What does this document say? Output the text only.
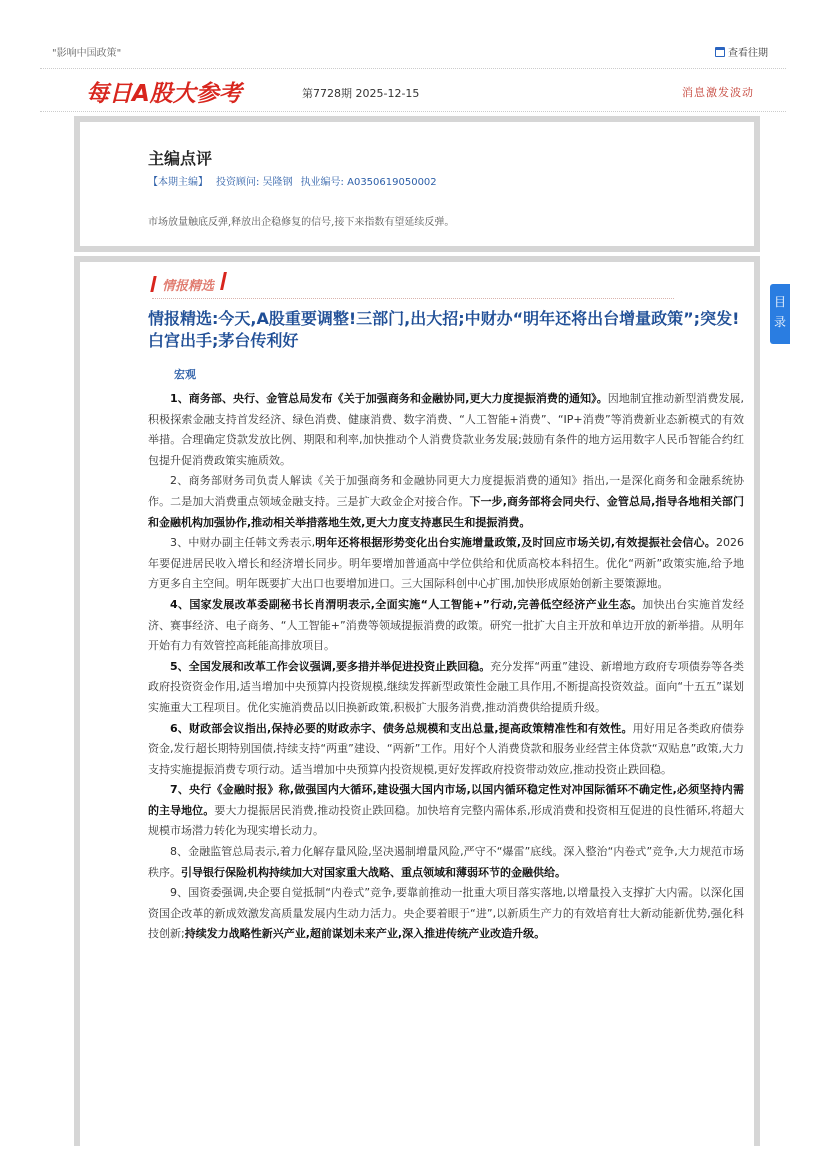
"影响中国政策"	查看往期
每日A股大参考	第7728期 2025-12-15	消息激发波动
主编点评
【本期主编】 投资顾问: 吴隆钢 执业编号: A0350619050002
市场放量触底反弹,释放出企稳修复的信号,接下来指数有望延续反弹。
情报精选
情报精选:今天,A股重要调整!三部门,出大招;中财办“明年还将出台增量政策”;突发!白宫出手;茅台传利好
宏观

1、商务部、央行、金管总局发布《关于加强商务和金融协同,更大力度提振消费的通知》。因地制宜推动新型消费发展,积极探索金融支持首发经济、绿色消费、健康消费、数字消费、“人工智能+消费”、“IP+消费”等消费新业态新模式的有效举措。合理确定贷款发放比例、期限和利率,加快推动个人消费贷款业务发展;鼓励有条件的地方运用数字人民币智能合约红包提升促消费政策实施质效。

2、商务部财务司负责人解读《关于加强商务和金融协同更大力度提振消费的通知》指出,一是深化商务和金融系统协作。二是加大消费重点领域金融支持。三是扩大政金企对接合作。下一步,商务部将会同央行、金管总局,指导各地相关部门和金融机构加强协作,推动相关举措落地生效,更大力度支持惠民生和提振消费。

3、中财办副主任韩文秀表示,明年还将根据形势变化出台实施增量政策,及时回应市场关切,有效提振社会信心。2026年要促进居民收入增长和经济增长同步。明年要增加普通高中学位供给和优质高校本科招生。优化“两新”政策实施,给予地方更多自主空间。明年既要扩大出口也要增加进口。三大国际科创中心扩围,加快形成原始创新主要策源地。

4、国家发展改革委副秘书长肖渭明表示,全面实施“人工智能+”行动,完善低空经济产业生态。加快出台实施首发经济、赛事经济、电子商务、“人工智能+”消费等领域提振消费的政策。研究一批扩大自主开放和单边开放的新举措。从明年开始有力有效管控高耗能高排放项目。

5、全国发展和改革工作会议强调,要多措并举促进投资止跌回稳。充分发挥“两重”建设、新增地方政府专项债券等各类政府投资资金作用,适当增加中央预算内投资规模,继续发挥新型政策性金融工具作用,不断提高投资效益。面向“十五五”谋划实施重大工程项目。优化实施消费品以旧换新政策,积极扩大服务消费,推动消费供给提质升级。

6、财政部会议指出,保持必要的财政赤字、债务总规模和支出总量,提高政策精准性和有效性。用好用足各类政府债券资金,发行超长期特别国债,持续支持“两重”建设、“两新”工作。用好个人消费贷款和服务业经营主体贷款“双贴息”政策,大力支持实施提振消费专项行动。适当增加中央预算内投资规模,更好发挥政府投资带动效应,推动投资止跌回稳。

7、央行《金融时报》称,做强国内大循环,建设强大国内市场,以国内循环稳定性对冲国际循环不确定性,必须坚持内需的主导地位。要大力提振居民消费,推动投资止跌回稳。加快培育完整内需体系,形成消费和投资相互促进的良性循环,将超大规模市场潜力转化为现实增长动力。

8、金融监管总局表示,着力化解存量风险,坚决遏制增量风险,严守不“爆雷”底线。深入整治“内卷式”竞争,大力规范市场秩序。引导银行保险机构持续加大对国家重大战略、重点领域和薄弱环节的金融供给。

9、国资委强调,央企要自觉抵制“内卷式”竞争,要靠前推动一批重大项目落实落地,以增量投入支撑扩大内需。以深化国资国企改革的新成效激发高质量发展内生动力活力。央企要着眼于“进”,以新质生产力的有效培育壮大新动能新优势,强化科技创新;持续发力战略性新兴产业,超前谋划未来产业,深入推进传统产业改造升级。

目录
